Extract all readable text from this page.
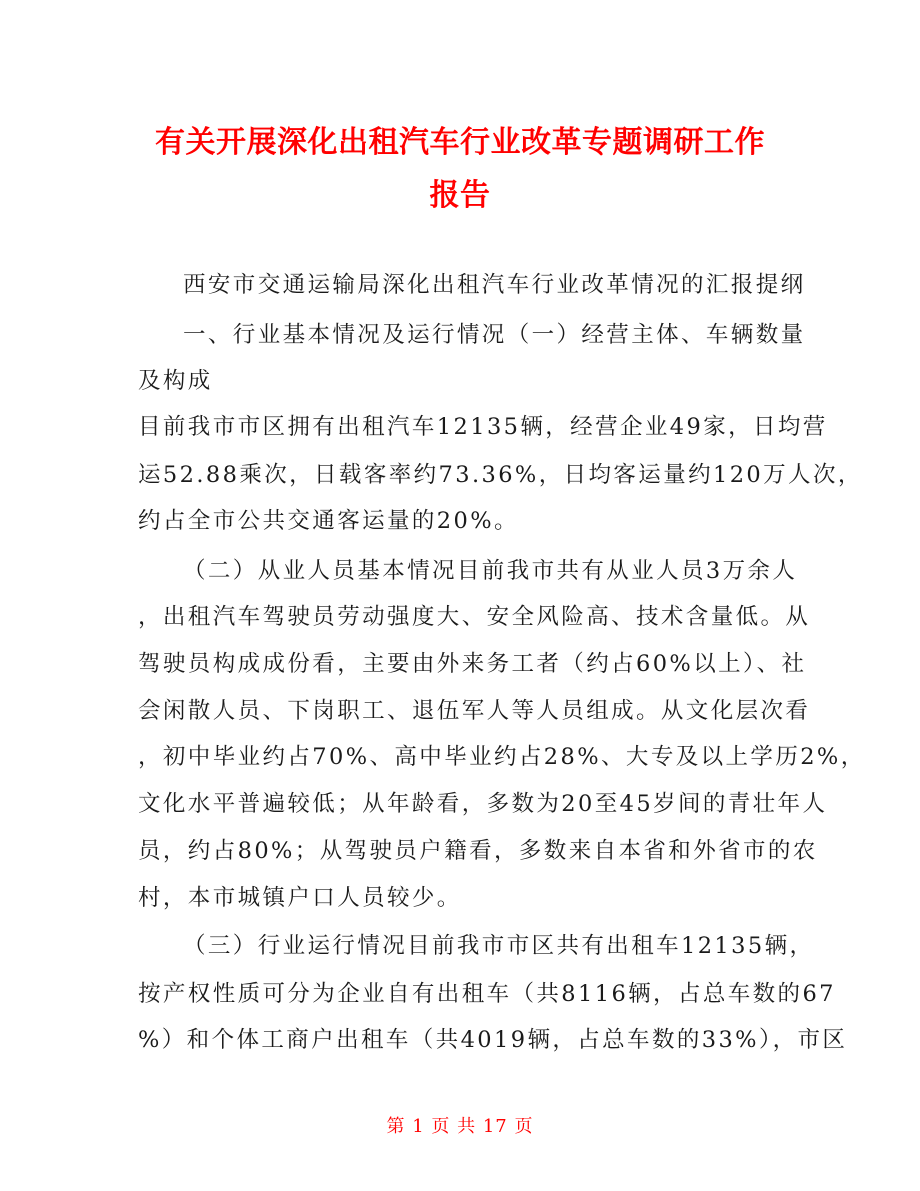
有关开展深化出租汽车行业改革专题调研工作
报告
西安市交通运输局深化出租汽车行业改革情况的汇报提纲
一、行业基本情况及运行情况（一）经营主体、车辆数量
及构成
目前我市市区拥有出租汽车12135辆，经营企业49家，日均营
运52.88乘次，日载客率约73.36%，日均客运量约120万人次，
约占全市公共交通客运量的20%。
（二）从业人员基本情况目前我市共有从业人员3万余人
，出租汽车驾驶员劳动强度大、安全风险高、技术含量低。从
驾驶员构成成份看，主要由外来务工者（约占60%以上）、社
会闲散人员、下岗职工、退伍军人等人员组成。从文化层次看
，初中毕业约占70%、高中毕业约占28%、大专及以上学历2%，
文化水平普遍较低；从年龄看，多数为20至45岁间的青壮年人
员，约占80%；从驾驶员户籍看，多数来自本省和外省市的农
村，本市城镇户口人员较少。
（三）行业运行情况目前我市市区共有出租车12135辆，
按产权性质可分为企业自有出租车（共8116辆，占总车数的67
%）和个体工商户出租车（共4019辆，占总车数的33%），市区
第 1 页 共 17 页
